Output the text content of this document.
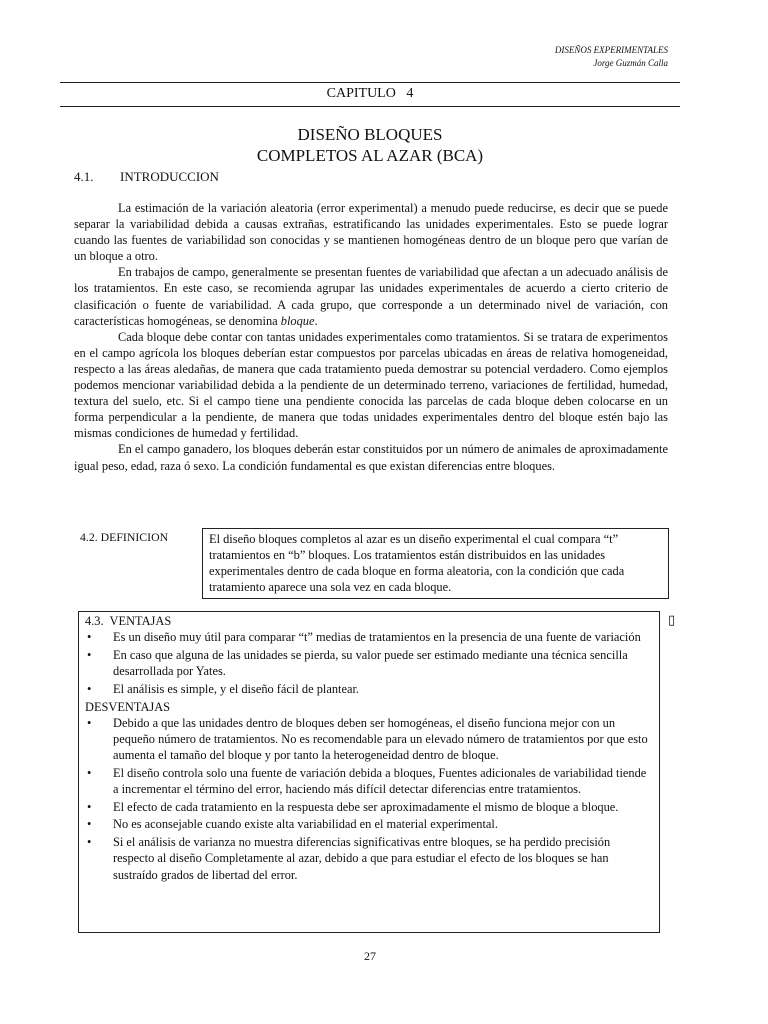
DISEÑOS EXPERIMENTALES
Jorge Guzmán Calla
CAPITULO   4
DISEÑO BLOQUES
COMPLETOS AL AZAR (BCA)
4.1. INTRODUCCION

La estimación de la variación aleatoria (error experimental) a menudo puede reducirse, es decir que se puede separar la variabilidad debida a causas extrañas, estratificando las unidades experimentales. Esto se puede lograr cuando las fuentes de variabilidad son conocidas y se mantienen homogéneas dentro de un bloque pero que varían de un bloque a otro.

En trabajos de campo, generalmente se presentan fuentes de variabilidad que afectan a un adecuado análisis de los tratamientos. En este caso, se recomienda agrupar las unidades experimentales de acuerdo a cierto criterio de clasificación o fuente de variabilidad. A cada grupo, que corresponde a un determinado nivel de variación, con características homogéneas, se denomina bloque.

Cada bloque debe contar con tantas unidades experimentales como tratamientos. Si se tratara de experimentos en el campo agrícola los bloques deberían estar compuestos por parcelas ubicadas en áreas de relativa homogeneidad, respecto a las áreas aledañas, de manera que cada tratamiento pueda demostrar su potencial verdadero. Como ejemplos podemos mencionar variabilidad debida a la pendiente de un determinado terreno, variaciones de fertilidad, humedad, textura del suelo, etc. Si el campo tiene una pendiente conocida las parcelas de cada bloque deben colocarse en un forma perpendicular a la pendiente, de manera que todas unidades experimentales dentro del bloque estén bajo las mismas condiciones de humedad y fertilidad.

En el campo ganadero, los bloques deberán estar constituidos por un número de animales de aproximadamente igual peso, edad, raza ó sexo. La condición fundamental es que existan diferencias entre bloques.

4.2. DEFINICION	El diseño bloques completos al azar es un diseño experimental el cual compara “t” tratamientos en “b” bloques. Los tratamientos están distribuidos en las unidades experimentales dentro de cada bloque en forma aleatoria, con la condición que cada tratamiento aparece una sola vez en cada bloque.
4.3.  VENTAJAS
• Es un diseño muy útil para comparar “t” medias de tratamientos en la presencia de una fuente de variación
• En caso que alguna de las unidades se pierda, su valor puede ser estimado mediante una técnica sencilla desarrollada por Yates.
• El análisis es simple, y el diseño fácil de plantear.
DESVENTAJAS
• Debido a que las unidades dentro de bloques deben ser homogéneas, el diseño funciona mejor con un pequeño número de tratamientos. No es recomendable para un elevado número de tratamientos por que esto aumenta el tamaño del bloque y por tanto la heterogeneidad dentro de bloque.
• El diseño controla solo una fuente de variación debida a bloques, Fuentes adicionales de variabilidad tiende a incrementar el término del error, haciendo más difícil detectar diferencias entre tratamientos.
• El efecto de cada tratamiento en la respuesta debe ser aproximadamente el mismo de bloque a bloque.
• No es aconsejable cuando existe alta variabilidad en el material experimental.
• Si el análisis de varianza no muestra diferencias significativas entre bloques, se ha perdido precisión respecto al diseño Completamente al azar, debido a que para estudiar el efecto de los bloques se han sustraído grados de libertad del error.
▯
27
